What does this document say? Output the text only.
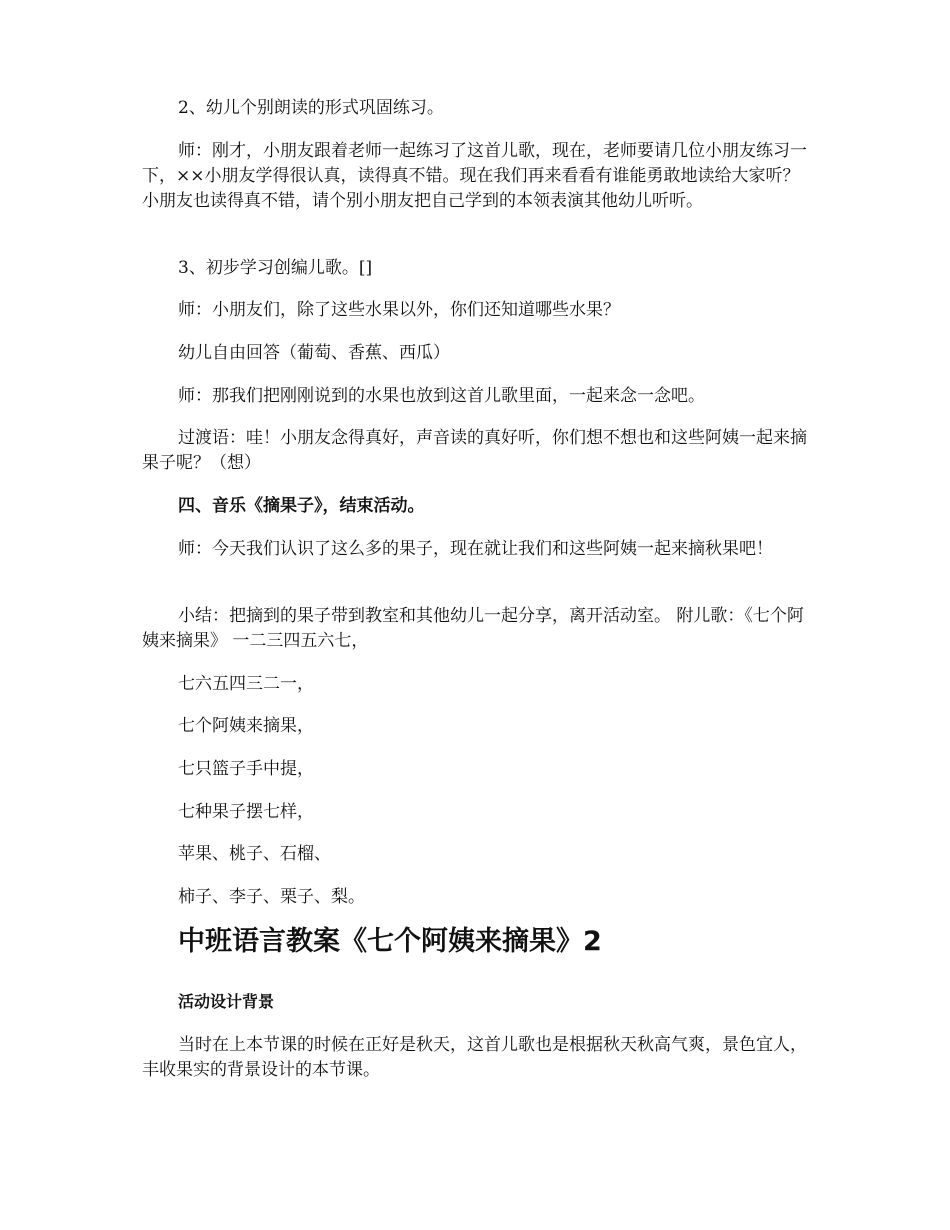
2、幼儿个别朗读的形式巩固练习。
师：刚才，小朋友跟着老师一起练习了这首儿歌，现在，老师要请几位小朋友练习一下，××小朋友学得很认真，读得真不错。现在我们再来看看有谁能勇敢地读给大家听？小朋友也读得真不错，请个别小朋友把自己学到的本领表演其他幼儿听听。
3、初步学习创编儿歌。[]
师：小朋友们，除了这些水果以外，你们还知道哪些水果？
幼儿自由回答（葡萄、香蕉、西瓜）
师：那我们把刚刚说到的水果也放到这首儿歌里面，一起来念一念吧。
过渡语：哇！小朋友念得真好，声音读的真好听，你们想不想也和这些阿姨一起来摘果子呢？（想）
四、音乐《摘果子》，结束活动。
师：今天我们认识了这么多的果子，现在就让我们和这些阿姨一起来摘秋果吧！
小结：把摘到的果子带到教室和其他幼儿一起分享，离开活动室。 附儿歌：《七个阿姨来摘果》 一二三四五六七，
七六五四三二一，
七个阿姨来摘果，
七只篮子手中提，
七种果子摆七样，
苹果、桃子、石榴、
柿子、李子、栗子、梨。
中班语言教案《七个阿姨来摘果》2
活动设计背景
当时在上本节课的时候在正好是秋天，这首儿歌也是根据秋天秋高气爽，景色宜人，丰收果实的背景设计的本节课。
